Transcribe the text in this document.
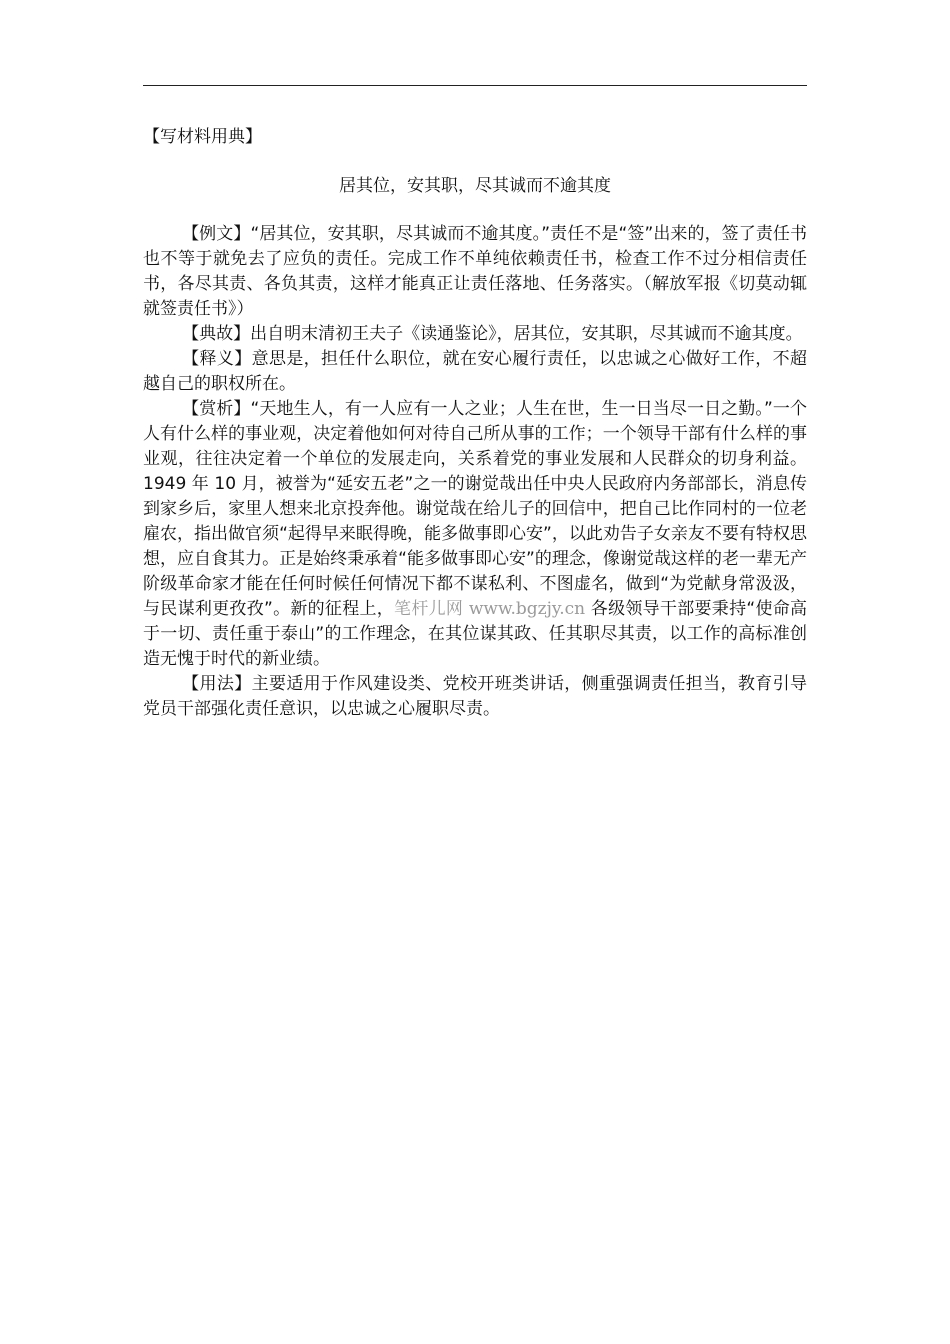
【写材料用典】
居其位，安其职，尽其诚而不逾其度

【例文】“居其位，安其职，尽其诚而不逾其度。”责任不是“签”出来的，签了责任书也不等于就免去了应负的责任。完成工作不单纯依赖责任书，检查工作不过分相信责任书，各尽其责、各负其责，这样才能真正让责任落地、任务落实。（解放军报《切莫动辄就签责任书》）

【典故】出自明末清初王夫子《读通鉴论》，居其位，安其职，尽其诚而不逾其度。

【释义】意思是，担任什么职位，就在安心履行责任，以忠诚之心做好工作，不超越自己的职权所在。

【赏析】“天地生人，有一人应有一人之业；人生在世，生一日当尽一日之勤。”一个人有什么样的事业观，决定着他如何对待自己所从事的工作；一个领导干部有什么样的事业观，往往决定着一个单位的发展走向，关系着党的事业发展和人民群众的切身利益。1949 年 10 月，被誉为“延安五老”之一的谢觉哉出任中央人民政府内务部部长，消息传到家乡后，家里人想来北京投奔他。谢觉哉在给儿子的回信中，把自己比作同村的一位老雇农，指出做官须“起得早来眠得晚，能多做事即心安”，以此劝告子女亲友不要有特权思想，应自食其力。正是始终秉承着“能多做事即心安”的理念，像谢觉哉这样的老一辈无产阶级革命家才能在任何时候任何情况下都不谋私利、不图虚名，做到“为党献身常汲汲，与民谋利更孜孜”。新的征程上，笔杆儿网 www.bgzjy.cn 各级领导干部要秉持“使命高于一切、责任重于泰山”的工作理念，在其位谋其政、任其职尽其责，以工作的高标准创造无愧于时代的新业绩。

【用法】主要适用于作风建设类、党校开班类讲话，侧重强调责任担当，教育引导党员干部强化责任意识，以忠诚之心履职尽责。
